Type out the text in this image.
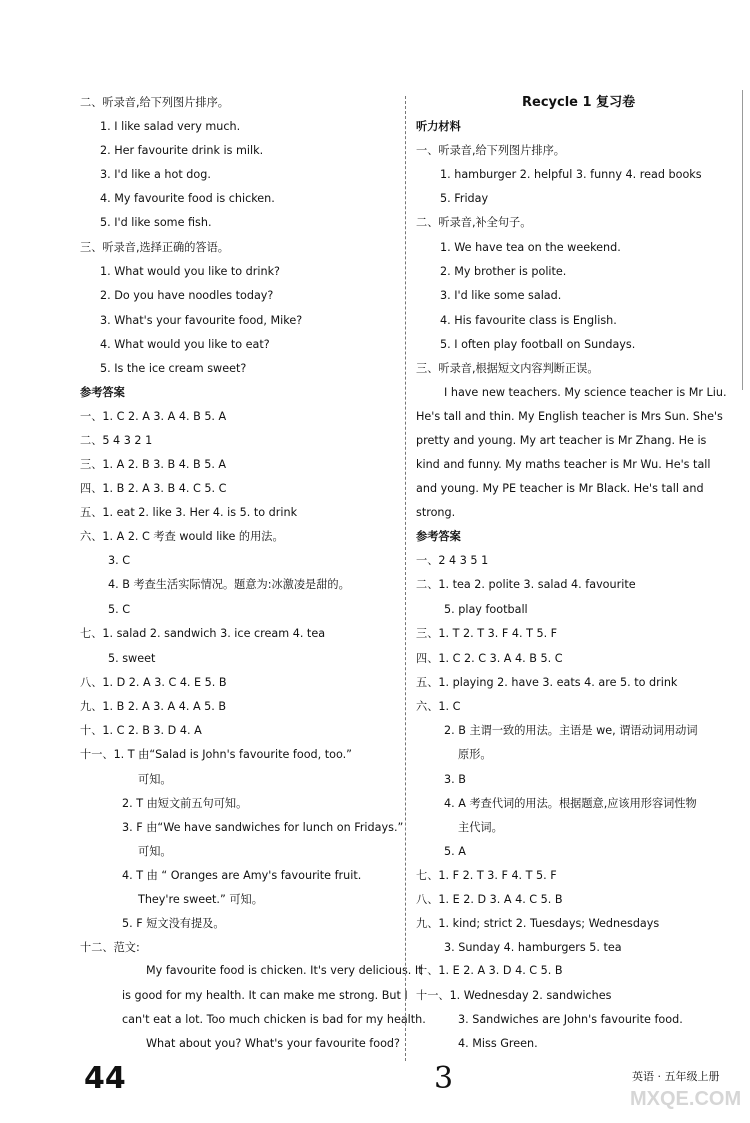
二、听录音,给下列图片排序。
1. I like salad very much.
2. Her favourite drink is milk.
3. I'd like a hot dog.
4. My favourite food is chicken.
5. I'd like some fish.
三、听录音,选择正确的答语。
1. What would you like to drink?
2. Do you have noodles today?
3. What's your favourite food, Mike?
4. What would you like to eat?
5. Is the ice cream sweet?
参考答案
一、1. C 2. A 3. A 4. B 5. A
二、5 4 3 2 1
三、1. A 2. B 3. B 4. B 5. A
四、1. B 2. A 3. B 4. C 5. C
五、1. eat 2. like 3. Her 4. is 5. to drink
六、1. A 2. C 考查 would like 的用法。
4. B 考查生活实际情况。题意为:冰激凌是甜的。
3. C
5. C
七、1. salad 2. sandwich 3. ice cream 4. tea
5. sweet
八、1. D 2. A 3. C 4. E 5. B
九、1. B 2. A 3. A 4. A 5. B
十、1. C 2. B 3. D 4. A
十一、1. T 由“Salad is John's favourite food, too.”
可知。
2. T 由短文前五句可知。
3. F 由“We have sandwiches for lunch on Fridays.”
可知。
4. T 由 “ Oranges are Amy's favourite fruit.
They're sweet.” 可知。
5. F 短文没有提及。
十二、范文:
My favourite food is chicken. It's very delicious. It
is good for my health. It can make me strong. But I
can't eat a lot. Too much chicken is bad for my health.
What about you? What's your favourite food?
Recycle 1 复习卷
听力材料
一、听录音,给下列图片排序。
1. hamburger 2. helpful 3. funny 4. read books
5. Friday
二、听录音,补全句子。
1. We have tea on the weekend.
2. My brother is polite.
3. I'd like some salad.
4. His favourite class is English.
5. I often play football on Sundays.
三、听录音,根据短文内容判断正误。
I have new teachers. My science teacher is Mr Liu.
He's tall and thin. My English teacher is Mrs Sun. She's
pretty and young. My art teacher is Mr Zhang. He is
kind and funny. My maths teacher is Mr Wu. He's tall
and young. My PE teacher is Mr Black. He's tall and
strong.
参考答案
一、2 4 3 5 1
二、1. tea 2. polite 3. salad 4. favourite
5. play football
三、1. T 2. T 3. F 4. T 5. F
四、1. C 2. C 3. A 4. B 5. C
五、1. playing 2. have 3. eats 4. are 5. to drink
六、1. C
2. B 主谓一致的用法。主语是 we, 谓语动词用动词
原形。
3. B
4. A 考查代词的用法。根据题意,应该用形容词性物
主代词。
5. A
七、1. F 2. T 3. F 4. T 5. F
八、1. E 2. D 3. A 4. C 5. B
九、1. kind; strict 2. Tuesdays; Wednesdays
3. Sunday 4. hamburgers 5. tea
十、1. E 2. A 3. D 4. C 5. B
十一、1. Wednesday 2. sandwiches
3. Sandwiches are John's favourite food.
4. Miss Green.
44	3	英语 · 五年级上册
MXQE.COM
